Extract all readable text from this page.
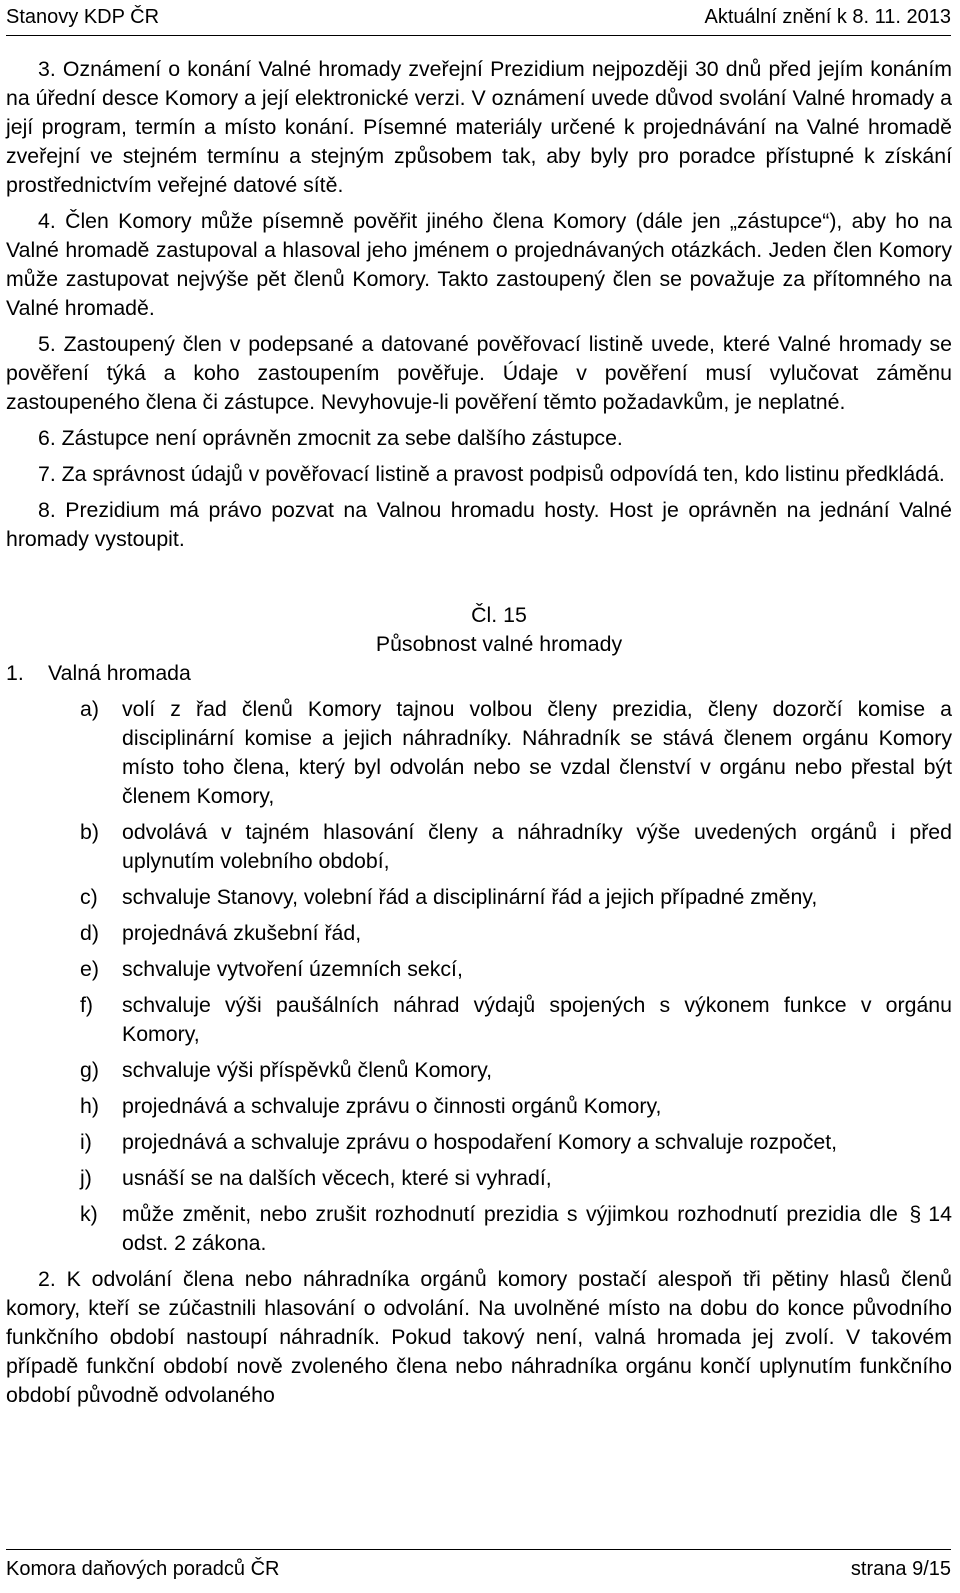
Stanovy KDP ČR	Aktuální znění k 8. 11. 2013

3. Oznámení o konání Valné hromady zveřejní Prezidium nejpozději 30 dnů před jejím konáním na úřední desce Komory a její elektronické verzi. V oznámení uvede důvod svolání Valné hromady a její program, termín a místo konání. Písemné materiály určené k projednávání na Valné hromadě zveřejní ve stejném termínu a stejným způsobem tak, aby byly pro poradce přístupné k získání prostřednictvím veřejné datové sítě.

4. Člen Komory může písemně pověřit jiného člena Komory (dále jen „zástupce“), aby ho na Valné hromadě zastupoval a hlasoval jeho jménem o projednávaných otázkách. Jeden člen Komory může zastupovat nejvýše pět členů Komory. Takto zastoupený člen se považuje za přítomného na Valné hromadě.

5. Zastoupený člen v podepsané a datované pověřovací listině uvede, které Valné hromady se pověření týká a koho zastoupením pověřuje. Údaje v pověření musí vylučovat záměnu zastoupeného člena či zástupce. Nevyhovuje-li pověření těmto požadavkům, je neplatné.

6. Zástupce není oprávněn zmocnit za sebe dalšího zástupce.

7. Za správnost údajů v pověřovací listině a pravost podpisů odpovídá ten, kdo listinu předkládá.

8. Prezidium má právo pozvat na Valnou hromadu hosty. Host je oprávněn na jednání Valné hromady vystoupit.

Čl. 15

Působnost valné hromady

1. Valná hromada

a) volí z řad členů Komory tajnou volbou členy prezidia, členy dozorčí komise a disciplinární komise a jejich náhradníky. Náhradník se stává členem orgánu Komory místo toho člena, který byl odvolán nebo se vzdal členství v orgánu nebo přestal být členem Komory,
b) odvolává v tajném hlasování členy a náhradníky výše uvedených orgánů i před uplynutím volebního období,
c) schvaluje Stanovy, volební řád a disciplinární řád a jejich případné změny,
d) projednává zkušební řád,
e) schvaluje vytvoření územních sekcí,
f) schvaluje výši paušálních náhrad výdajů spojených s výkonem funkce v orgánu Komory,
g) schvaluje výši příspěvků členů Komory,
h) projednává a schvaluje zprávu o činnosti orgánů Komory,
i) projednává a schvaluje zprávu o hospodaření Komory a schvaluje rozpočet,
j) usnáší se na dalších věcech, které si vyhradí,
k) může změnit, nebo zrušit rozhodnutí prezidia s výjimkou rozhodnutí prezidia dle § 14 odst. 2 zákona.

2. K odvolání člena nebo náhradníka orgánů komory postačí alespoň tři pětiny hlasů členů komory, kteří se zúčastnili hlasování o odvolání. Na uvolněné místo na dobu do konce původního funkčního období nastoupí náhradník. Pokud takový není, valná hromada jej zvolí. V takovém případě funkční období nově zvoleného člena nebo náhradníka orgánu končí uplynutím funkčního období původně odvolaného

Komora daňových poradců ČR	strana 9/15
